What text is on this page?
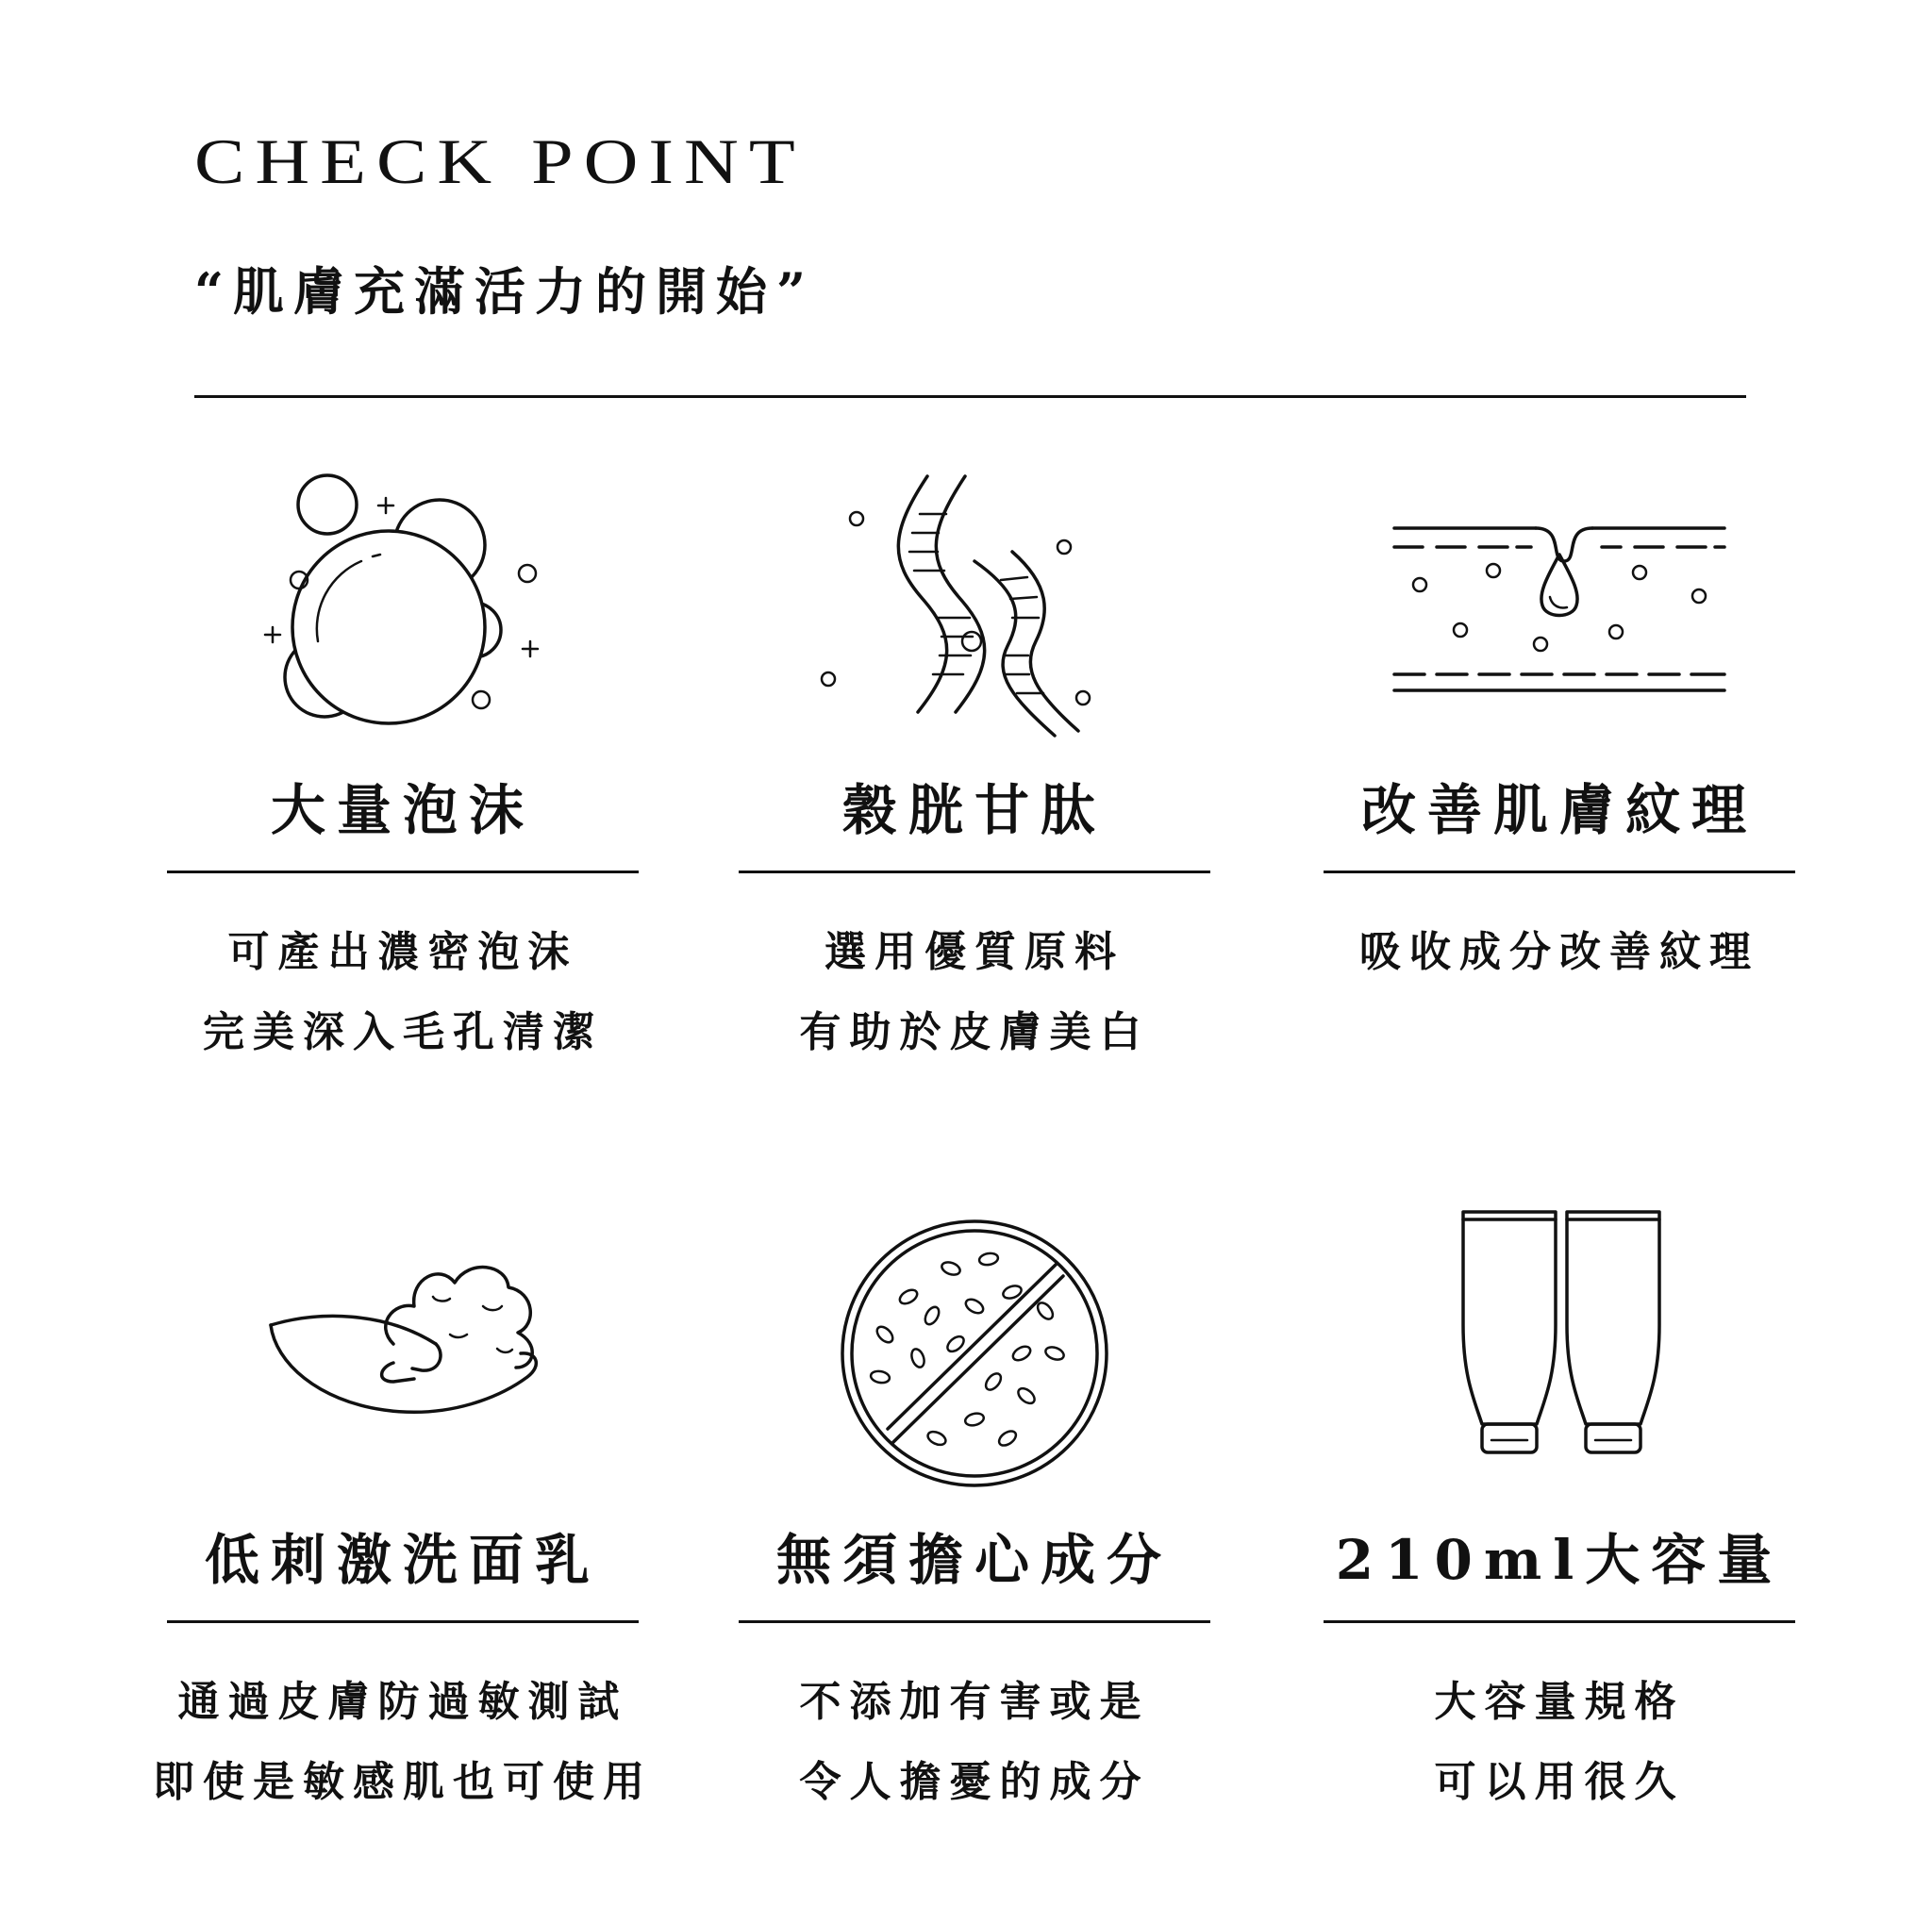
CHECK POINT
“肌膚充滿活力的開始”
大量泡沫
可產出濃密泡沫
完美深入毛孔清潔
穀胱甘肽
選用優質原料
有助於皮膚美白
改善肌膚紋理
吸收成分改善紋理
低刺激洗面乳
通過皮膚防過敏測試
即使是敏感肌也可使用
無須擔心成分
不添加有害或是
令人擔憂的成分
210ml大容量
大容量規格
可以用很久
